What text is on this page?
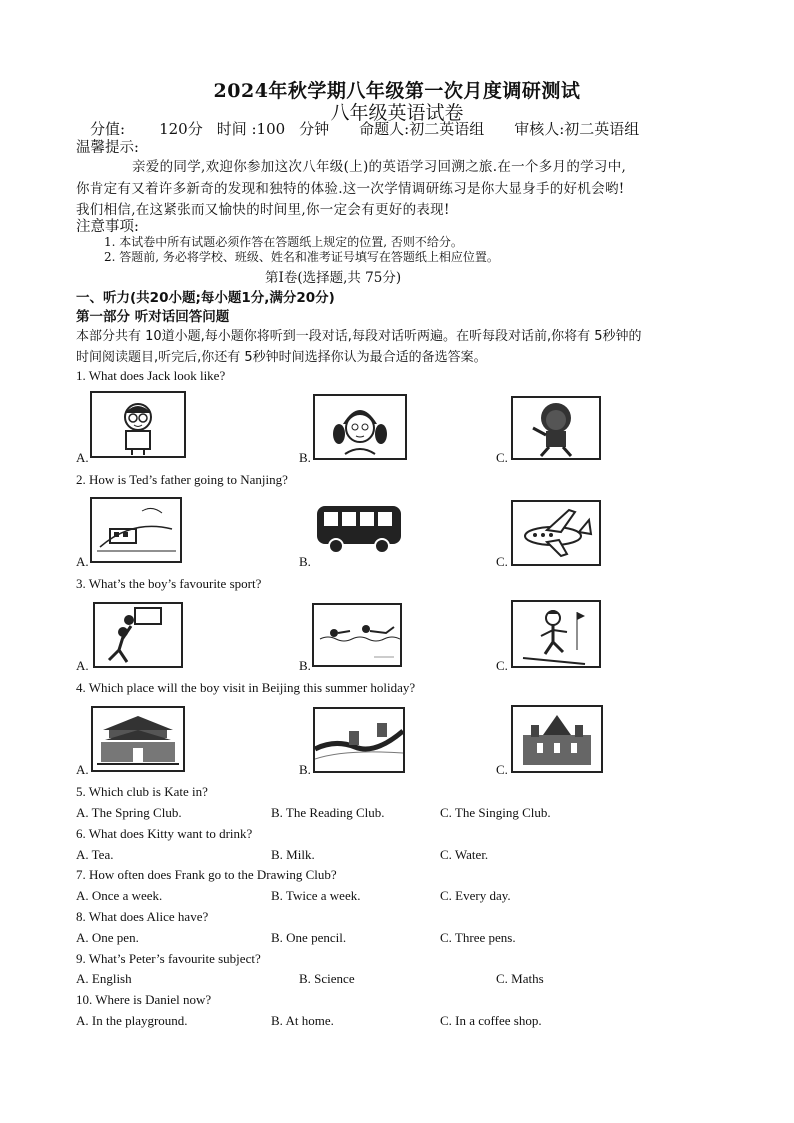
2024年秋学期八年级第一次月度调研测试
八年级英语试卷
分值: 120分 时间 :100 分钟 命题人:初二英语组 审核人:初二英语组
温馨提示:
亲爱的同学,欢迎你参加这次八年级(上)的英语学习回溯之旅.在一个多月的学习中,
你肯定有又着许多新奇的发现和独特的体验.这一次学情调研练习是你大显身手的好机会哟!
我们相信,在这紧张而又愉快的时间里,你一定会有更好的表现!
注意事项:
1. 本试卷中所有试题必须作答在答题纸上规定的位置, 否则不给分。
2. 答题前, 务必将学校、班级、姓名和准考证号填写在答题纸上相应位置。
第I卷(选择题,共 75分)
一、听力(共20小题;每小题1分,满分20分)
第一部分 听对话回答问题
本部分共有 10道小题,每小题你将听到一段对话,每段对话听两遍。在听每段对话前,你将有 5秒钟的
时间阅读题目,听完后,你还有 5秒钟时间选择你认为最合适的备选答案。
1. What does Jack look like?
A.	B.	C.
2. How is Ted’s father going to Nanjing?
A.	B.	C.
3. What’s the boy’s favourite sport?
A.	B.	C.
4. Which place will the boy visit in Beijing this summer holiday?
A.	B.	C.
5. Which club is Kate in?
A. The Spring Club.	B. The Reading Club.	C. The Singing Club.
6. What does Kitty want to drink?
A. Tea.	B. Milk.	C. Water.
7. How often does Frank go to the Drawing Club?
A. Once a week.	B. Twice a week.	C. Every day.
8. What does Alice have?
A. One pen.	B. One pencil.	C. Three pens.
9. What’s Peter’s favourite subject?
A. English	B. Science	C. Maths
10. Where is Daniel now?
A. In the playground.	B. At home.	C. In a coffee shop.
